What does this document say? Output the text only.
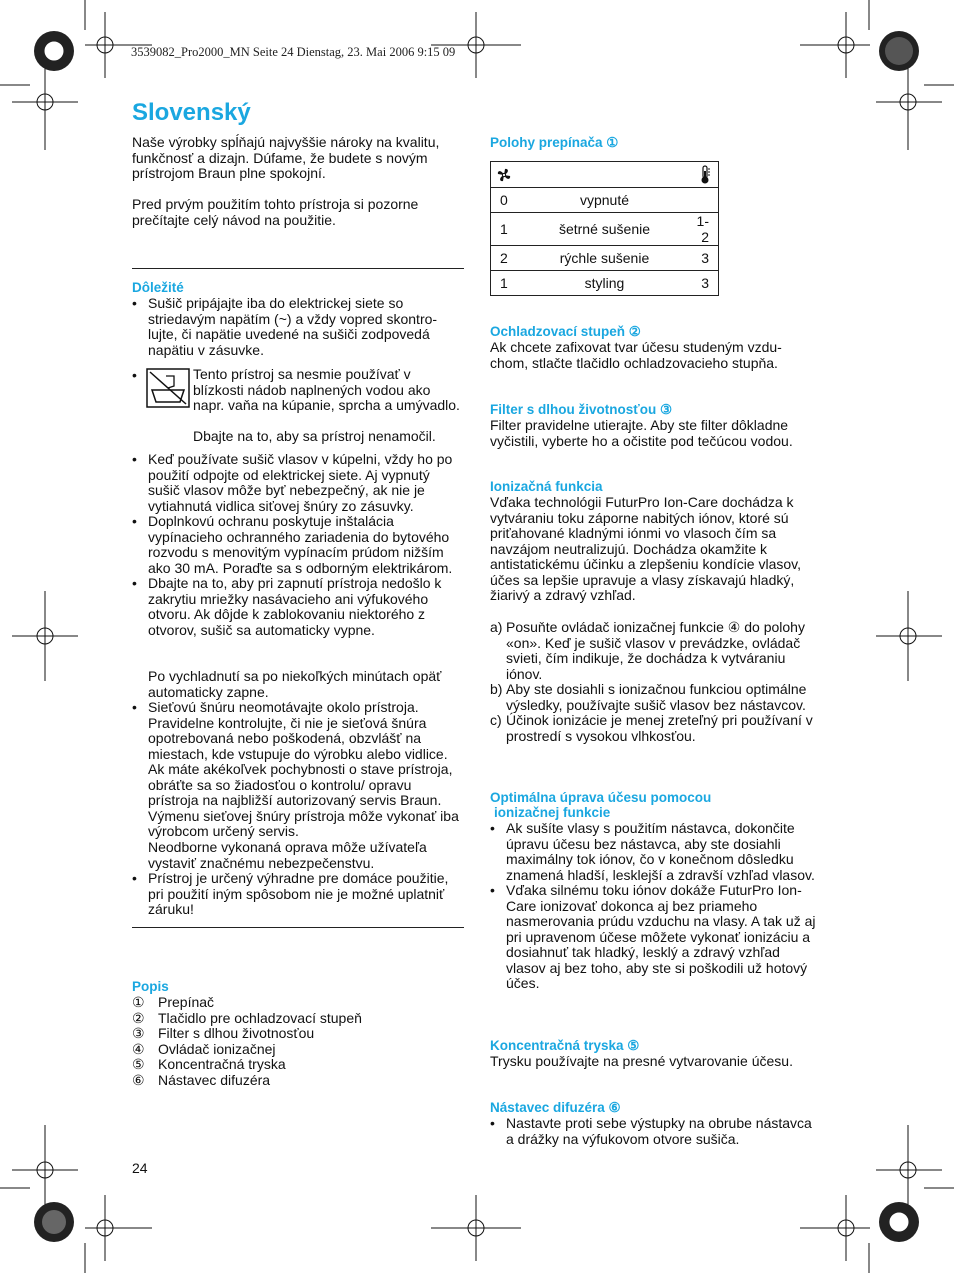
3539082_Pro2000_MN Seite 24 Dienstag, 23. Mai 2006 9:15 09
Slovenský
Naše výrobky spĺňajú najvyššie nároky na kvalitu, funkčnosť a dizajn. Dúfame, že budete s novým prístrojom Braun plne spokojní.
Pred prvým použitím tohto prístroja si pozorne prečítajte celý návod na použitie.
Dôležité
• Sušič pripájajte iba do elektrickej siete so striedavým napätím (~) a vždy vopred skontro- lujte, či napätie uvedené na sušiči zodpovedá napätiu v zásuvke.
•	Tento prístroj sa nesmie používať v blízkosti nádob naplnených vodou ako napr. vaňa na kúpanie, sprcha a umývadlo.
Dbajte na to, aby sa prístroj nenamočil.
• Keď používate sušič vlasov v kúpelni, vždy ho po použití odpojte od elektrickej siete. Aj vypnutý sušič vlasov môže byť nebezpečný, ak nie je vytiahnutá vidlica siťovej šnúry zo zásuvky.
• Doplnkovú ochranu poskytuje inštalácia vypínacieho ochranného zariadenia do bytového rozvodu s menovitým vypínacím prúdom nižším ako 30 mA. Poraďte sa s odborným elektrikárom.
• Dbajte na to, aby pri zapnutí prístroja nedošlo k zakrytiu mriežky nasávacieho ani výfukového otvoru. Ak dôjde k zablokovaniu niektorého z otvorov, sušič sa automaticky vypne.
Po vychladnutí sa po niekoľkých minútach opäť automaticky zapne.
• Sieťovú šnúru neomotávajte okolo prístroja. Pravidelne kontrolujte, či nie je sieťová šnúra opotrebovaná nebo poškodená, obzvlášť na miestach, kde vstupuje do výrobku alebo vidlice. Ak máte akékoľvek pochybnosti o stave prístroja, obráťte sa so žiadosťou o kontrolu/ opravu prístroja na najbližší autorizovaný servis Braun. Výmenu sieťovej šnúry prístroja môže vykonať iba výrobcom určený servis.
Neodborne vykonaná oprava môže užívateľa vystaviť značnému nebezpečenstvu.
• Prístroj je určený výhradne pre domáce použitie, pri použití iným spôsobom nie je možné uplatniť záruku!
Popis
① Prepínač
② Tlačidlo pre ochladzovací stupeň
③ Filter s dlhou životnosťou
④ Ovládač ionizačnej
⑤ Koncentračná tryska
⑥ Nástavec difuzéra
24
Polohy prepínača ①
0	vypnuté	
1	šetrné sušenie	1-2
2	rýchle sušenie	3
1	styling	3
Ochladzovací stupeň ②
Ak chcete zafixovat tvar účesu studeným vzdu- chom, stlačte tlačidlo ochladzovacieho stupňa.
Filter s dlhou životnosťou ③
Filter pravidelne utierajte. Aby ste filter dôkladne vyčistili, vyberte ho a očistite pod tečúcou vodou.
Ionizačná funkcia
Vďaka technológii FuturPro Ion-Care dochádza k vytváraniu toku záporne nabitých iónov, ktoré sú priťahované kladnými iónmi vo vlasoch čím sa navzájom neutralizujú. Dochádza okamžite k antistatickému účinku a zlepšeniu kondície vlasov, účes sa lepšie upravuje a vlasy získavajú hladký, žiarivý a zdravý vzhľad.
a) Posuňte ovládač ionizačnej funkcie ④ do polohy «on». Keď je sušič vlasov v prevádzke, ovládač svieti, čím indikuje, že dochádza k vytváraniu iónov.
b) Aby ste dosiahli s ionizačnou funkciou optimálne výsledky, používajte sušič vlasov bez nástavcov.
c) Účinok ionizácie je menej zreteľný pri používaní v prostredí s vysokou vlhkosťou.
Optimálna úprava účesu pomocou
ionizačnej funkcie
• Ak sušíte vlasy s použitím nástavca, dokončite úpravu účesu bez nástavca, aby ste dosiahli maximálny tok iónov, čo v konečnom dôsledku znamená hladší, lesklejší a zdravší vzhľad vlasov.
• Vďaka silnému toku iónov dokáže FuturPro Ion-Care ionizovať dokonca aj bez priameho nasmerovania prúdu vzduchu na vlasy. A tak už aj pri upravenom účese môžete vykonať ionizáciu a dosiahnuť tak hladký, lesklý a zdravý vzhľad vlasov aj bez toho, aby ste si poškodili už hotový účes.
Koncentračná tryska ⑤
Trysku používajte na presné vytvarovanie účesu.
Nástavec difuzéra ⑥
• Nastavte proti sebe výstupky na obrube nástavca a drážky na výfukovom otvore sušiča.
